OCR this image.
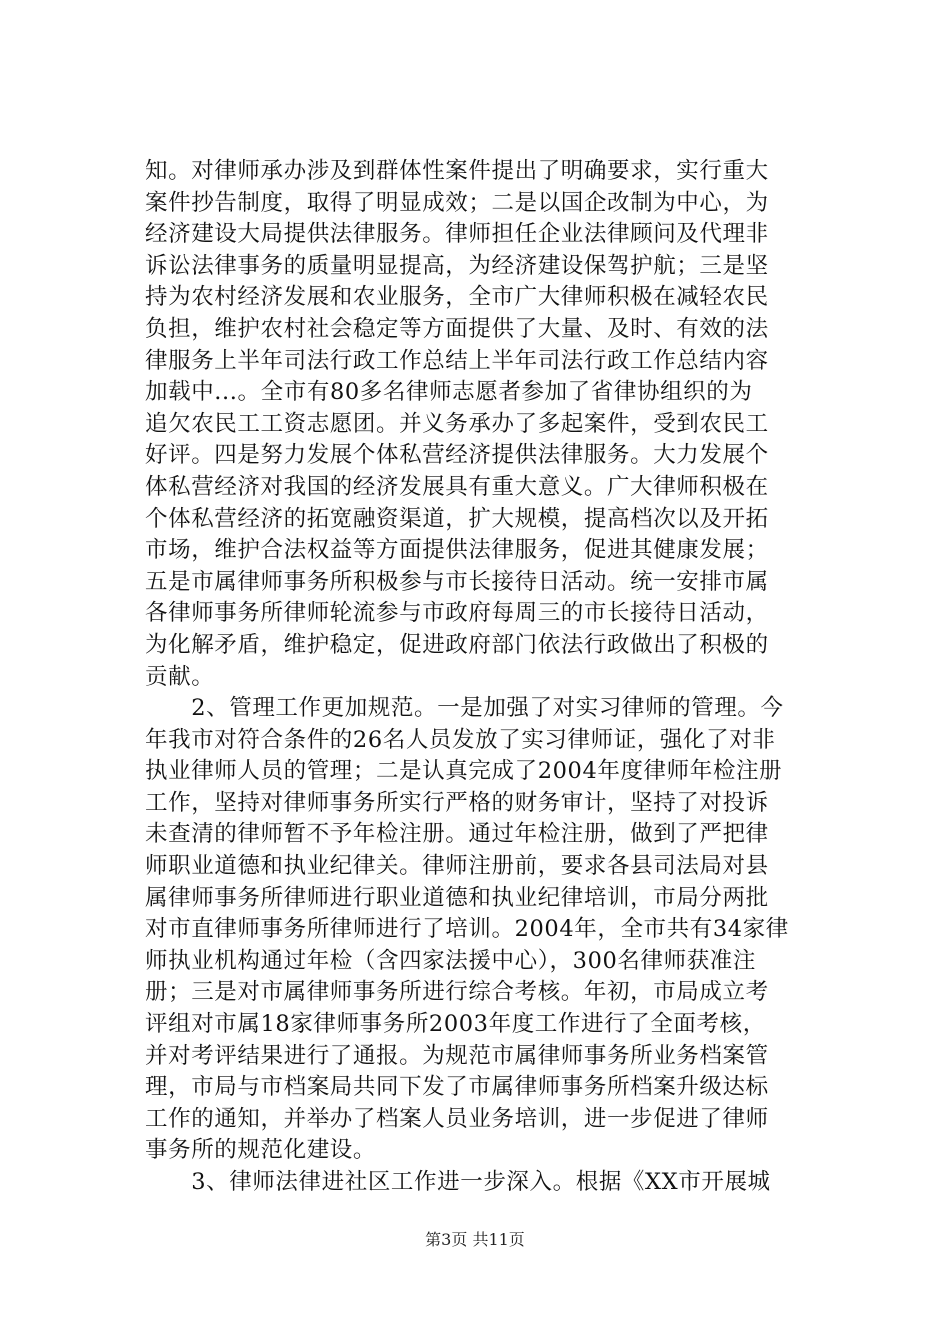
知。对律师承办涉及到群体性案件提出了明确要求，实行重大
案件抄告制度，取得了明显成效；二是以国企改制为中心，为
经济建设大局提供法律服务。律师担任企业法律顾问及代理非
诉讼法律事务的质量明显提高，为经济建设保驾护航；三是坚
持为农村经济发展和农业服务，全市广大律师积极在减轻农民
负担，维护农村社会稳定等方面提供了大量、及时、有效的法
律服务上半年司法行政工作总结上半年司法行政工作总结内容
加载中...。全市有80多名律师志愿者参加了省律协组织的为
追欠农民工工资志愿团。并义务承办了多起案件，受到农民工
好评。四是努力发展个体私营经济提供法律服务。大力发展个
体私营经济对我国的经济发展具有重大意义。广大律师积极在
个体私营经济的拓宽融资渠道，扩大规模，提高档次以及开拓
市场，维护合法权益等方面提供法律服务，促进其健康发展；
五是市属律师事务所积极参与市长接待日活动。统一安排市属
各律师事务所律师轮流参与市政府每周三的市长接待日活动，
为化解矛盾，维护稳定，促进政府部门依法行政做出了积极的
贡献。
　　2、管理工作更加规范。一是加强了对实习律师的管理。今
年我市对符合条件的26名人员发放了实习律师证，强化了对非
执业律师人员的管理；二是认真完成了2004年度律师年检注册
工作，坚持对律师事务所实行严格的财务审计，坚持了对投诉
未查清的律师暂不予年检注册。通过年检注册，做到了严把律
师职业道德和执业纪律关。律师注册前，要求各县司法局对县
属律师事务所律师进行职业道德和执业纪律培训，市局分两批
对市直律师事务所律师进行了培训。2004年，全市共有34家律
师执业机构通过年检（含四家法援中心），300名律师获准注
册；三是对市属律师事务所进行综合考核。年初，市局成立考
评组对市属18家律师事务所2003年度工作进行了全面考核，
并对考评结果进行了通报。为规范市属律师事务所业务档案管
理，市局与市档案局共同下发了市属律师事务所档案升级达标
工作的通知，并举办了档案人员业务培训，进一步促进了律师
事务所的规范化建设。
　　3、律师法律进社区工作进一步深入。根据《XX市开展城
第3页 共11页
